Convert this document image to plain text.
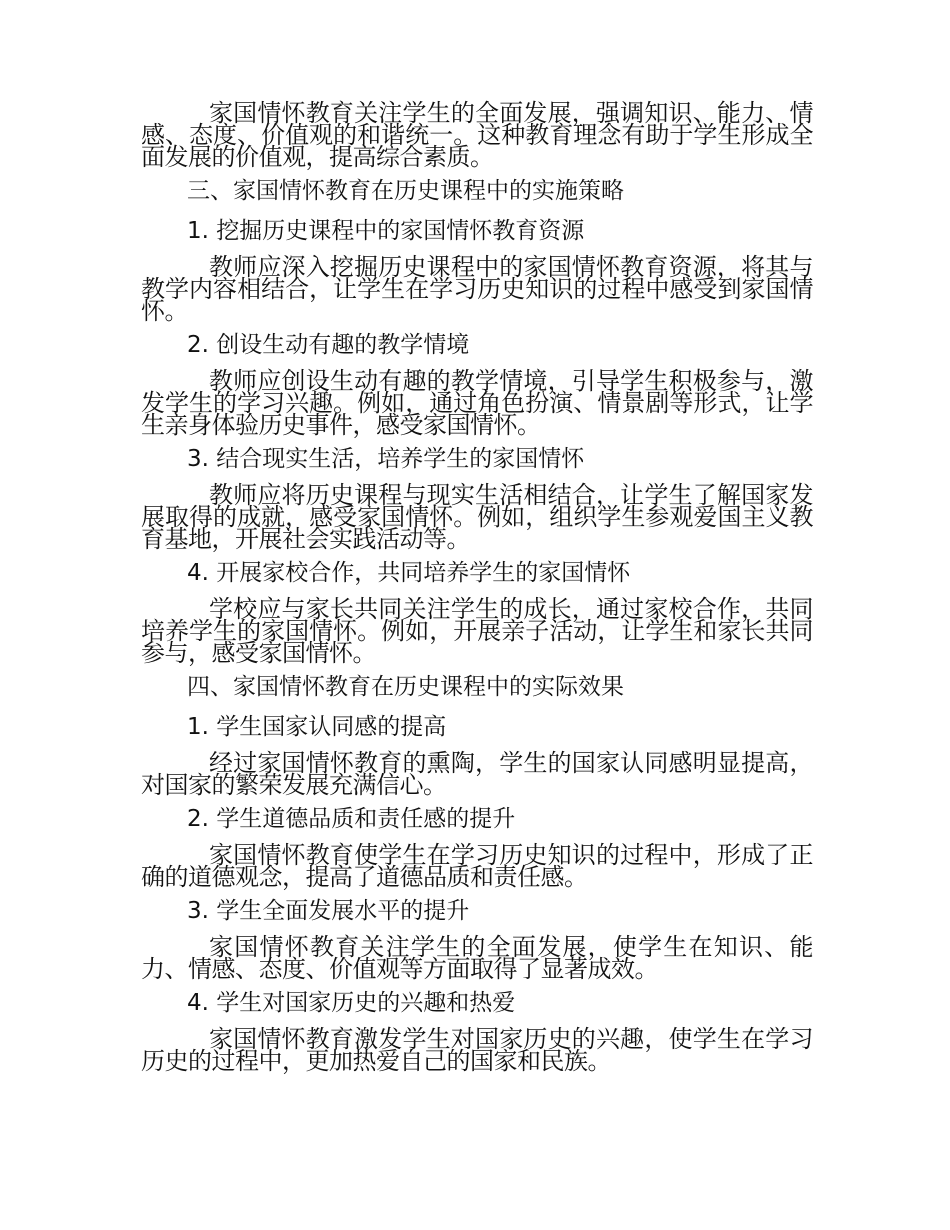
家国情怀教育关注学生的全面发展，强调知识、能力、情感、态度、价值观的和谐统一。这种教育理念有助于学生形成全面发展的价值观，提高综合素质。

三、家国情怀教育在历史课程中的实施策略
1. 挖掘历史课程中的家国情怀教育资源

教师应深入挖掘历史课程中的家国情怀教育资源，将其与教学内容相结合，让学生在学习历史知识的过程中感受到家国情怀。

2. 创设生动有趣的教学情境

教师应创设生动有趣的教学情境，引导学生积极参与，激发学生的学习兴趣。例如，通过角色扮演、情景剧等形式，让学生亲身体验历史事件，感受家国情怀。

3. 结合现实生活，培养学生的家国情怀

教师应将历史课程与现实生活相结合，让学生了解国家发展取得的成就，感受家国情怀。例如，组织学生参观爱国主义教育基地，开展社会实践活动等。

4. 开展家校合作，共同培养学生的家国情怀

学校应与家长共同关注学生的成长，通过家校合作，共同培养学生的家国情怀。例如，开展亲子活动，让学生和家长共同参与，感受家国情怀。

四、家国情怀教育在历史课程中的实际效果
1. 学生国家认同感的提高

经过家国情怀教育的熏陶，学生的国家认同感明显提高，对国家的繁荣发展充满信心。

2. 学生道德品质和责任感的提升

家国情怀教育使学生在学习历史知识的过程中，形成了正确的道德观念，提高了道德品质和责任感。

3. 学生全面发展水平的提升

家国情怀教育关注学生的全面发展，使学生在知识、能力、情感、态度、价值观等方面取得了显著成效。

4. 学生对国家历史的兴趣和热爱

家国情怀教育激发学生对国家历史的兴趣，使学生在学习历史的过程中，更加热爱自己的国家和民族。
